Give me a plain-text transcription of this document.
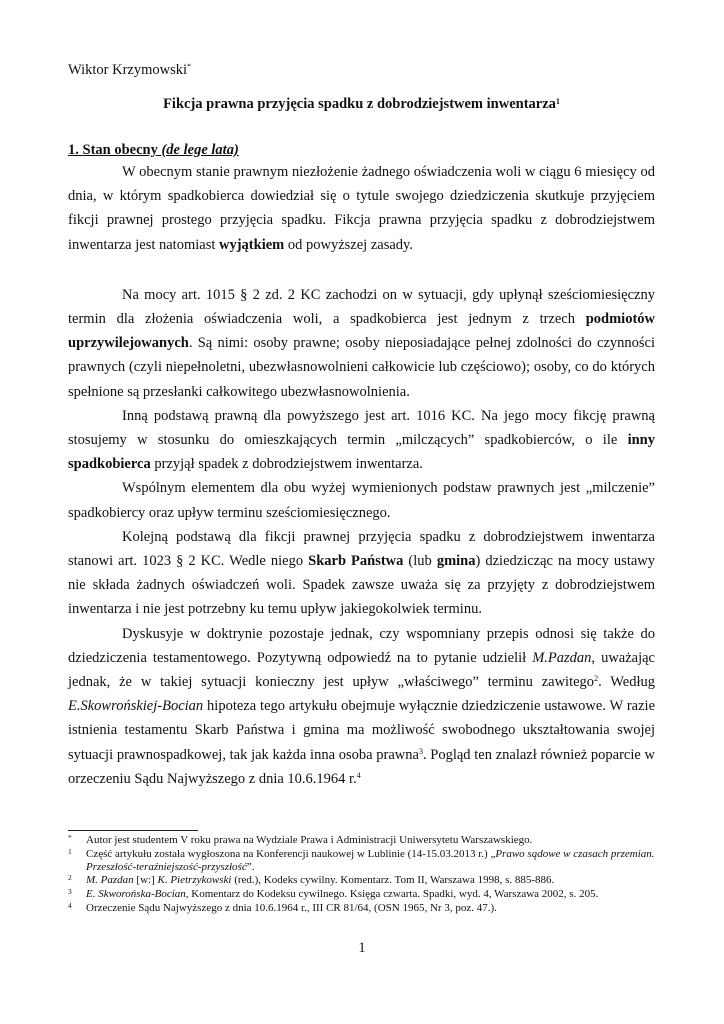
Wiktor Krzymowski*

Fikcja prawna przyjęcia spadku z dobrodziejstwem inwentarza$^1$

1. Stan obecny (de lege lata)

W obecnym stanie prawnym niezłożenie żadnego oświadczenia woli w ciągu 6 miesięcy od dnia, w którym spadkobierca dowiedział się o tytule swojego dziedziczenia skutkuje przyjęciem fikcji prawnej prostego przyjęcia spadku. Fikcja prawna przyjęcia spadku z dobrodziejstwem inwentarza jest natomiast wyjątkiem od powyższej zasady.

Na mocy art. 1015 § 2 zd. 2 KC zachodzi on w sytuacji, gdy upłynął sześciomiesięczny termin dla złożenia oświadczenia woli, a spadkobierca jest jednym z trzech podmiotów uprzywilejowanych. Są nimi: osoby prawne; osoby nieposiadające pełnej zdolności do czynności prawnych (czyli niepełnoletni, ubezwłasnowolnieni całkowicie lub częściowo); osoby, co do których spełnione są przesłanki całkowitego ubezwłasnowolnienia.

Inną podstawą prawną dla powyższego jest art. 1016 KC. Na jego mocy fikcję prawną stosujemy w stosunku do omieszkających termin „milczących” spadkobierców, o ile inny spadkobierca przyjął spadek z dobrodziejstwem inwentarza.

Wspólnym elementem dla obu wyżej wymienionych podstaw prawnych jest „milczenie” spadkobiercy oraz upływ terminu sześciomiesięcznego.

Kolejną podstawą dla fikcji prawnej przyjęcia spadku z dobrodziejstwem inwentarza stanowi art. 1023 § 2 KC. Wedle niego Skarb Państwa (lub gmina) dziedzicząc na mocy ustawy nie składa żadnych oświadczeń woli. Spadek zawsze uważa się za przyjęty z dobrodziejstwem inwentarza i nie jest potrzebny ku temu upływ jakiegokolwiek terminu.

Dyskusyje w doktrynie pozostaje jednak, czy wspomniany przepis odnosi się także do dziedziczenia testamentowego. Pozytywną odpowiedź na to pytanie udzielił M.Pazdan, uważając jednak, że w takiej sytuacji konieczny jest upływ „właściwego” terminu zawitego$^2$. Według E.Skowrońskiej-Bocian hipoteza tego artykułu obejmuje wyłącznie dziedziczenie ustawowe. W razie istnienia testamentu Skarb Państwa i gmina ma możliwość swobodnego ukształtowania swojej sytuacji prawnospadkowej, tak jak każda inna osoba prawna$^3$. Pogląd ten znalazł również poparcie w orzeczeniu Sądu Najwyższego z dnia 10.6.1964 r.$^4$

* Autor jest studentem V roku prawa na Wydziale Prawa i Administracji Uniwersytetu Warszawskiego.

1 Część artykułu została wygłoszona na Konferencji naukowej w Lublinie (14-15.03.2013 r.) „Prawo sądowe w czasach przemian. Przeszłość-teraźniejszość-przyszłość”.

2 M. Pazdan [w:] K. Pietrzykowski (red.), Kodeks cywilny. Komentarz. Tom II, Warszawa 1998, s. 885-886.

3 E. Skworońska-Bocian, Komentarz do Kodeksu cywilnego. Księga czwarta. Spadki, wyd. 4, Warszawa 2002, s. 205.

4 Orzeczenie Sądu Najwyższego z dnia 10.6.1964 r., III CR 81/64, (OSN 1965, Nr 3, poz. 47.).

1
